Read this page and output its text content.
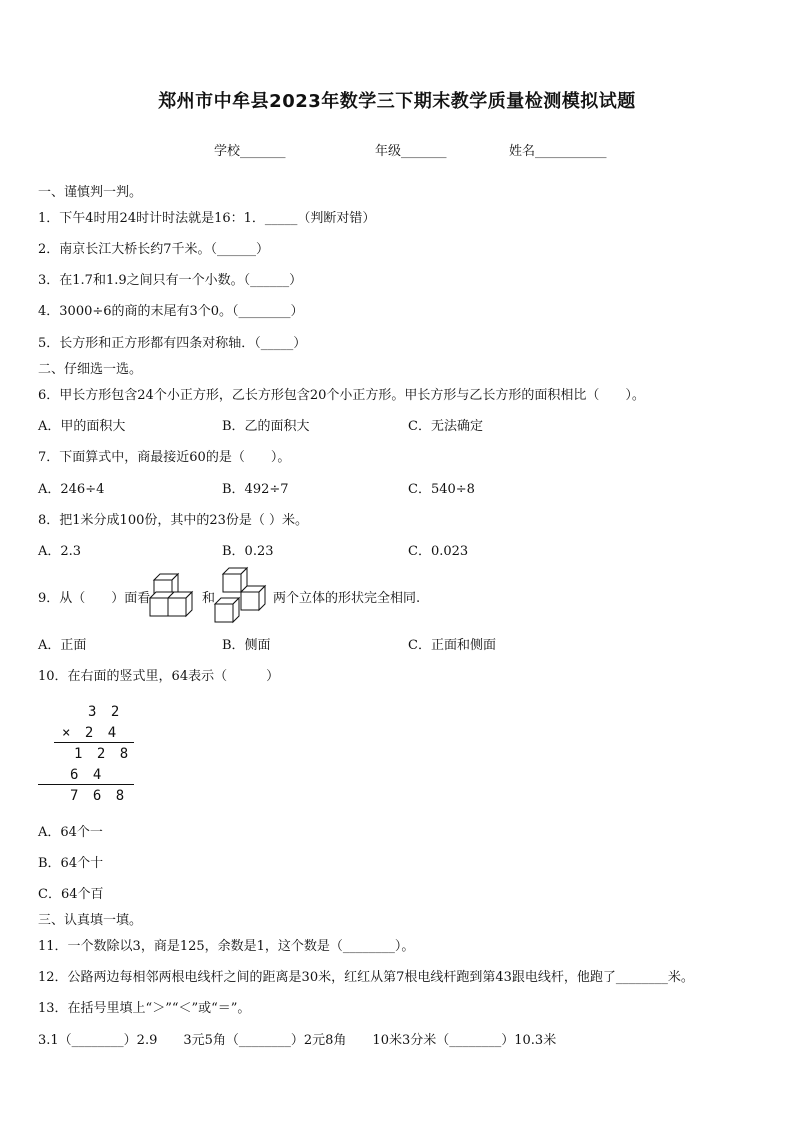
郑州市中牟县2023年数学三下期末教学质量检测模拟试题
学校_______	年级_______	姓名___________
一、谨慎判一判。
1．下午4时用24时计时法就是16：1．_____（判断对错）
2．南京长江大桥长约7千米。（______）
3．在1.7和1.9之间只有一个小数。（______）
4．3000÷6的商的末尾有3个0。（________）
5．长方形和正方形都有四条对称轴．（_____）
二、仔细选一选。
6．甲长方形包含24个小正方形，乙长方形包含20个小正方形。甲长方形与乙长方形的面积相比（　　）。
A．甲的面积大	B．乙的面积大	C．无法确定
7．下面算式中，商最接近60的是（　　）。
A．246÷4	B．492÷7	C．540÷8
8．把1米分成100份，其中的23份是（ ）米。
A．2.3	B．0.23	C．0.023
9．从（　　）面看	和	两个立体的形状完全相同.
A．正面	B．侧面	C．正面和侧面
10．在右面的竖式里，64表示（　　　）
3 2
× 2 4
1 2 8
6 4
7 6 8
A．64个一
B．64个十
C．64个百
三、认真填一填。
11．一个数除以3，商是125，余数是1，这个数是（________）。
12．公路两边每相邻两根电线杆之间的距离是30米，红红从第7根电线杆跑到第43跟电线杆，他跑了________米。
13．在括号里填上“＞”“＜”或“＝”。
3.1（________）2.9　　3元5角（________）2元8角　　10米3分米（________）10.3米
